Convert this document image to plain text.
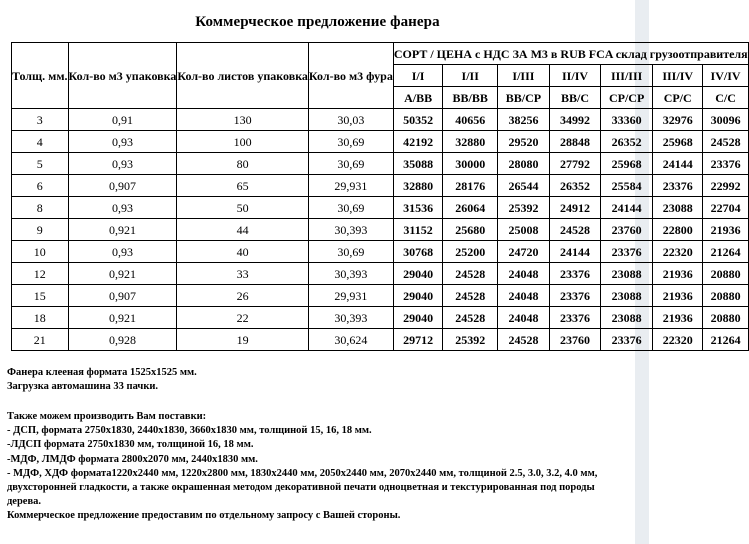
Коммерческое предложение фанера
Толщ. мм.	Кол-во м3 упаковка	Кол-во листов упаковка	Кол-во м3 фура	СОРТ / ЦЕНА с НДС ЗА М3 в RUB FCA склад грузоотправителя						
				I/I	I/II	I/III	II/IV	III/III	III/IV	IV/IV
				A/BB	BB/BB	BB/CP	BB/C	CP/CP	CP/C	C/C
3	0,91	130	30,03	50352	40656	38256	34992	33360	32976	30096
4	0,93	100	30,69	42192	32880	29520	28848	26352	25968	24528
5	0,93	80	30,69	35088	30000	28080	27792	25968	24144	23376
6	0,907	65	29,931	32880	28176	26544	26352	25584	23376	22992
8	0,93	50	30,69	31536	26064	25392	24912	24144	23088	22704
9	0,921	44	30,393	31152	25680	25008	24528	23760	22800	21936
10	0,93	40	30,69	30768	25200	24720	24144	23376	22320	21264
12	0,921	33	30,393	29040	24528	24048	23376	23088	21936	20880
15	0,907	26	29,931	29040	24528	24048	23376	23088	21936	20880
18	0,921	22	30,393	29040	24528	24048	23376	23088	21936	20880
21	0,928	19	30,624	29712	25392	24528	23760	23376	22320	21264
Фанера клееная формата 1525х1525 мм.
Загрузка автомашина 33 пачки.
Также можем производить Вам поставки:
- ДСП, формата 2750х1830, 2440х1830, 3660х1830 мм, толщиной 15, 16, 18 мм.
-ЛДСП формата 2750х1830 мм, толщиной 16, 18 мм.
-МДФ, ЛМДФ формата 2800х2070 мм, 2440х1830 мм.
- МДФ, ХДФ формата1220х2440 мм, 1220х2800 мм, 1830х2440 мм, 2050х2440 мм, 2070х2440 мм, толщиной 2.5, 3.0, 3.2, 4.0 мм, двухсторонней гладкости, а также окрашенная методом декоративной печати одноцветная и текстурированная под породы дерева.
Коммерческое предложение предоставим по отдельному запросу с Вашей стороны.
